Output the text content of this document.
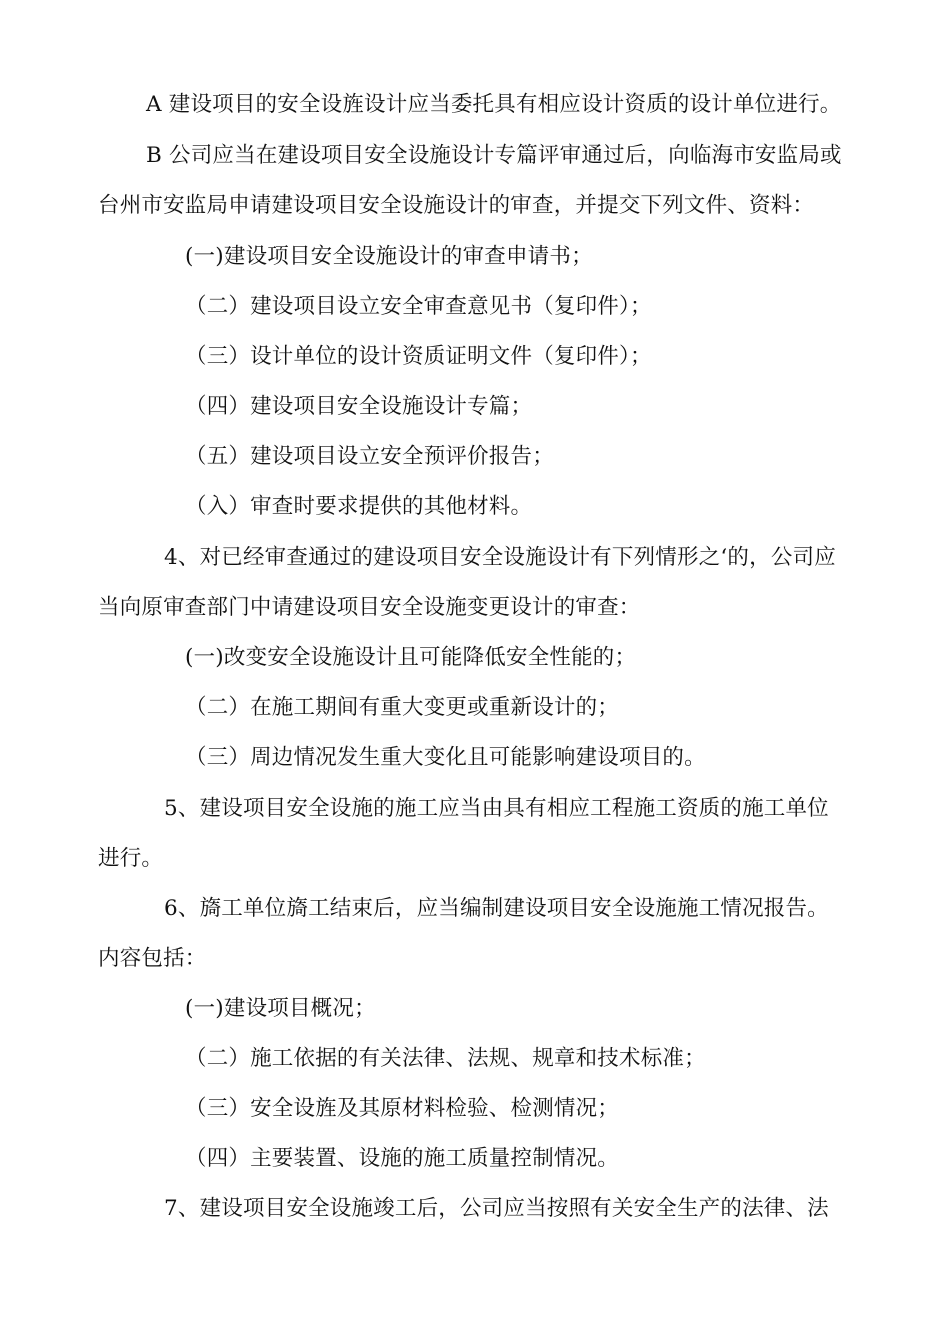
A 建设项目的安全设旌设计应当委托具有相应设计资质的设计单位进行。
B 公司应当在建设项目安全设施设计专篇评审通过后，向临海市安监局或
台州市安监局申请建设项目安全设施设计的审查，并提交下列文件、资料：
(一)建设项目安全设施设计的审查申请书；
（二）建设项目设立安全审查意见书（复印件）；
（三）设计单位的设计资质证明文件（复印件）；
（四）建设项目安全设施设计专篇；
（五）建设项目设立安全预评价报告；
（入）审查时要求提供的其他材料。
4、对已经审查通过的建设项目安全设施设计有下列情形之‘的，公司应
当向原审查部门中请建设项目安全设施变更设计的审查：
(一)改变安全设施设计且可能降低安全性能的；
（二）在施工期间有重大变更或重新设计的；
（三）周边情况发生重大变化且可能影响建设项目的。
5、建设项目安全设施的施工应当由具有相应工程施工资质的施工单位
进行。
6、旖工单位旖工结束后，应当编制建设项目安全设施施工情况报告。
内容包括：
(一)建设项目概况；
（二）施工依据的有关法律、法规、规章和技术标准；
（三）安全设旌及其原材料检验、检测情况；
（四）主要装置、设施的施工质量控制情况。
7、建设项目安全设施竣工后，公司应当按照有关安全生产的法律、法
